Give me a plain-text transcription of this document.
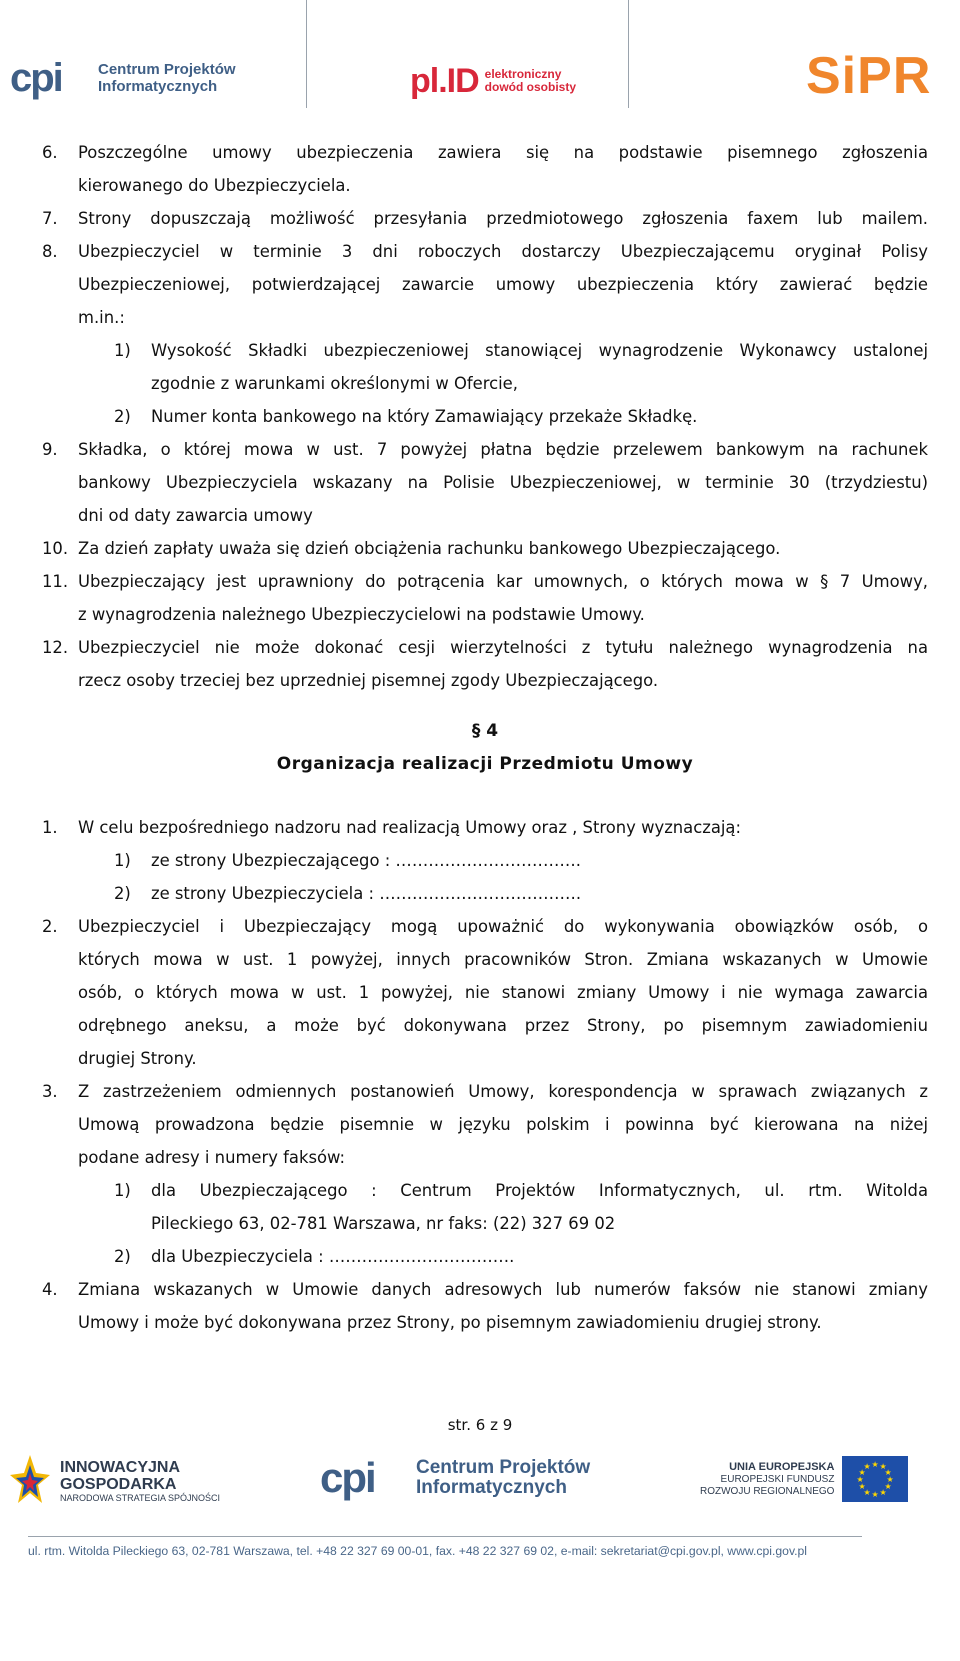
cpi	Centrum Projektów
Informatycznych	pl.ID elektroniczny
dowód osobisty	SiPR
6. Poszczególne umowy ubezpieczenia zawiera się na podstawie pisemnego zgłoszenia
kierowanego do Ubezpieczyciela.
7. Strony dopuszczają możliwość przesyłania przedmiotowego zgłoszenia faxem lub mailem.
8. Ubezpieczyciel w terminie 3 dni roboczych dostarczy Ubezpieczającemu oryginał Polisy
Ubezpieczeniowej, potwierdzającej zawarcie umowy ubezpieczenia który zawierać będzie
m.in.:
1) Wysokość Składki ubezpieczeniowej stanowiącej wynagrodzenie Wykonawcy ustalonej
zgodnie z warunkami określonymi w Ofercie,
2) Numer konta bankowego na który Zamawiający przekaże Składkę.
9. Składka, o której mowa w ust. 7 powyżej płatna będzie przelewem bankowym na rachunek
bankowy Ubezpieczyciela wskazany na Polisie Ubezpieczeniowej, w terminie 30 (trzydziestu)
dni od daty zawarcia umowy
10. Za dzień zapłaty uważa się dzień obciążenia rachunku bankowego Ubezpieczającego.
11. Ubezpieczający jest uprawniony do potrącenia kar umownych, o których mowa w § 7 Umowy,
z wynagrodzenia należnego Ubezpieczycielowi na podstawie Umowy.
12. Ubezpieczyciel nie może dokonać cesji wierzytelności z tytułu należnego wynagrodzenia na
rzecz osoby trzeciej bez uprzedniej pisemnej zgody Ubezpieczającego.
§ 4
Organizacja realizacji Przedmiotu Umowy
1. W celu bezpośredniego nadzoru nad realizacją Umowy oraz , Strony wyznaczają:
1) ze strony Ubezpieczającego : …………………………….
2) ze strony Ubezpieczyciela : ……………………………….
2. Ubezpieczyciel i Ubezpieczający mogą upoważnić do wykonywania obowiązków osób, o
których mowa w ust. 1 powyżej, innych pracowników Stron. Zmiana wskazanych w Umowie
osób, o których mowa w ust. 1 powyżej, nie stanowi zmiany Umowy i nie wymaga zawarcia
odrębnego aneksu, a może być dokonywana przez Strony, po pisemnym zawiadomieniu
drugiej Strony.
3. Z zastrzeżeniem odmiennych postanowień Umowy, korespondencja w sprawach związanych z
Umową prowadzona będzie pisemnie w języku polskim i powinna być kierowana na niżej
podane adresy i numery faksów:
1) dla Ubezpieczającego : Centrum Projektów Informatycznych, ul. rtm. Witolda
Pileckiego 63, 02-781 Warszawa, nr faks: (22) 327 69 02
2) dla Ubezpieczyciela : …………………………….
4. Zmiana wskazanych w Umowie danych adresowych lub numerów faksów nie stanowi zmiany
Umowy i może być dokonywana przez Strony, po pisemnym zawiadomieniu drugiej strony.
str. 6 z 9
INNOWACYJNA
GOSPODARKA
NARODOWA STRATEGIA SPÓJNOŚCI cpi	Centrum Projektów
Informatycznych
UNIA EUROPEJSKA
EUROPEJSKI FUNDUSZ
ROZWOJU REGIONALNEGO
★ ★
★
★
★
★
★
★
★
★
★
★
ul. rtm. Witolda Pileckiego 63, 02-781 Warszawa, tel. +48 22 327 69 00-01, fax. +48 22 327 69 02, e-mail: sekretariat@cpi.gov.pl, www.cpi.gov.pl
